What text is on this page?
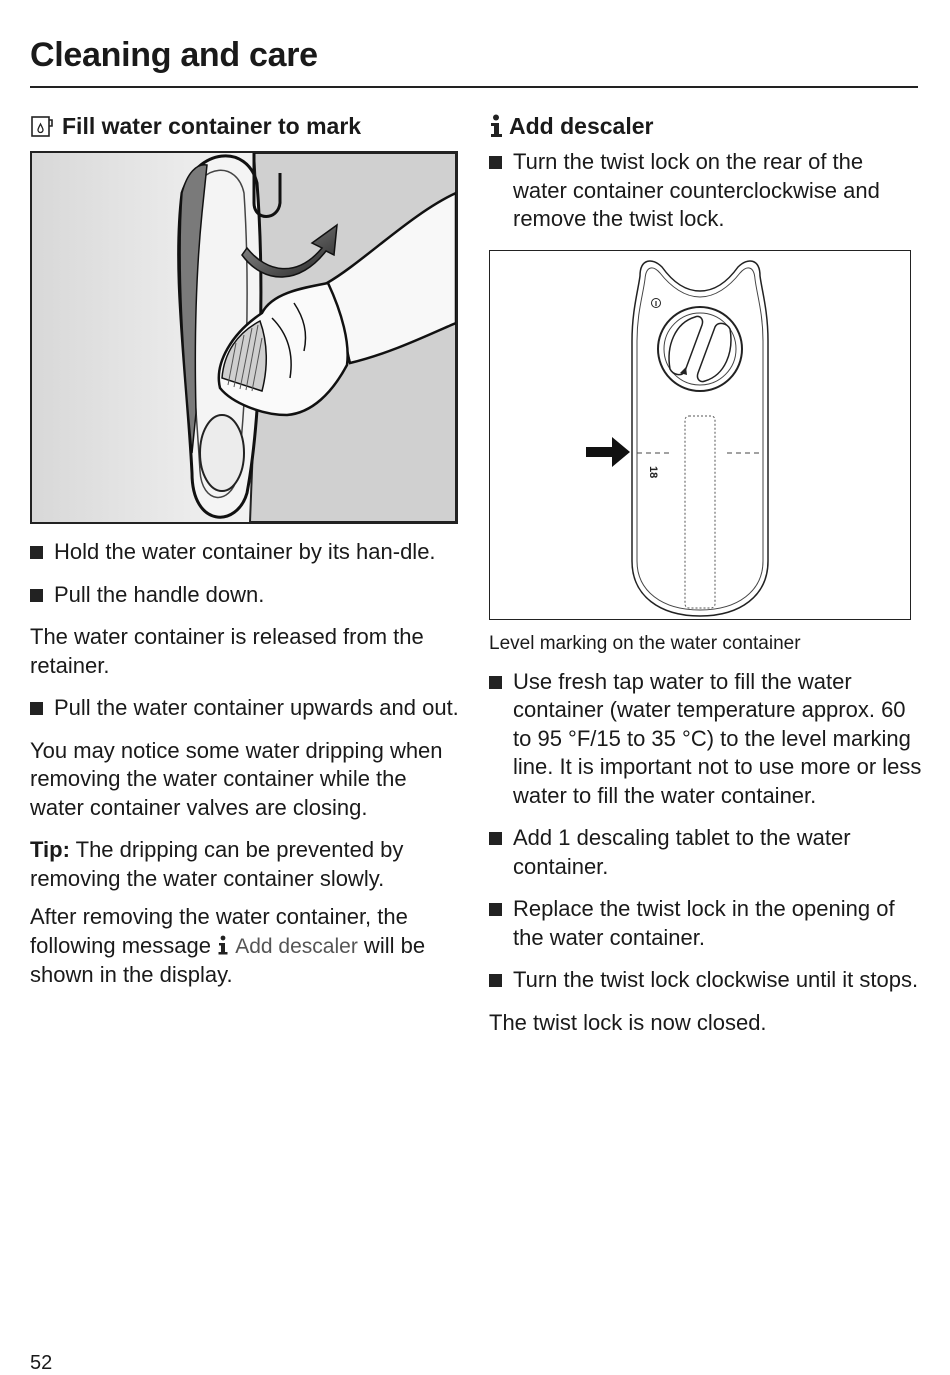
Cleaning and care
Fill water container to mark
Hold the water container by its han-dle.
Pull the handle down.

The water container is released from the retainer.

Pull the water container upwards and out.

You may notice some water dripping when removing the water container while the water container valves are closing.

Tip: The dripping can be prevented by removing the water container slowly.

After removing the water container, the following message  Add descaler will be shown in the display.

Add descaler
Turn the twist lock on the rear of the water container counterclockwise and remove the twist lock.
18

Level marking on the water container

Use fresh tap water to fill the water container (water temperature approx. 60 to 95 °F/15 to 35 °C) to the level marking line. It is important not to use more or less water to fill the water container.
Add 1 descaling tablet to the water container.
Replace the twist lock in the opening of the water container.
Turn the twist lock clockwise until it stops.

The twist lock is now closed.

52
